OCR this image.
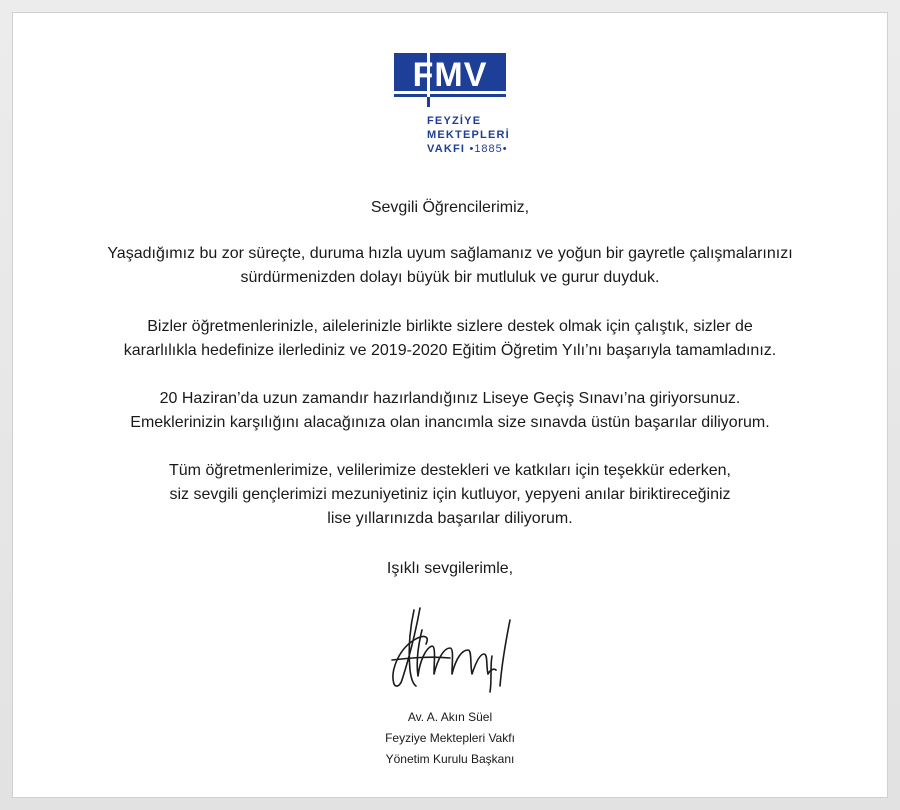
FMV
FEYZİYE
MEKTEPLERİ
VAKFI •1885•

Sevgili Öğrencilerimiz,

Yaşadığımız bu zor süreçte, duruma hızla uyum sağlamanız ve yoğun bir gayretle çalışmalarınızı

sürdürmenizden dolayı büyük bir mutluluk ve gurur duyduk.

Bizler öğretmenlerinizle, ailelerinizle birlikte sizlere destek olmak için çalıştık, sizler de

kararlılıkla hedefinize ilerlediniz ve 2019-2020 Eğitim Öğretim Yılı’nı başarıyla tamamladınız.

20 Haziran’da uzun zamandır hazırlandığınız Liseye Geçiş Sınavı’na giriyorsunuz.

Emeklerinizin karşılığını alacağınıza olan inancımla size sınavda üstün başarılar diliyorum.

Tüm öğretmenlerimize, velilerimize destekleri ve katkıları için teşekkür ederken,

siz sevgili gençlerimizi mezuniyetiniz için kutluyor, yepyeni anılar biriktireceğiniz

lise yıllarınızda başarılar diliyorum.

Işıklı sevgilerimle,

Av. A. Akın Süel
Feyziye Mektepleri Vakfı
Yönetim Kurulu Başkanı
